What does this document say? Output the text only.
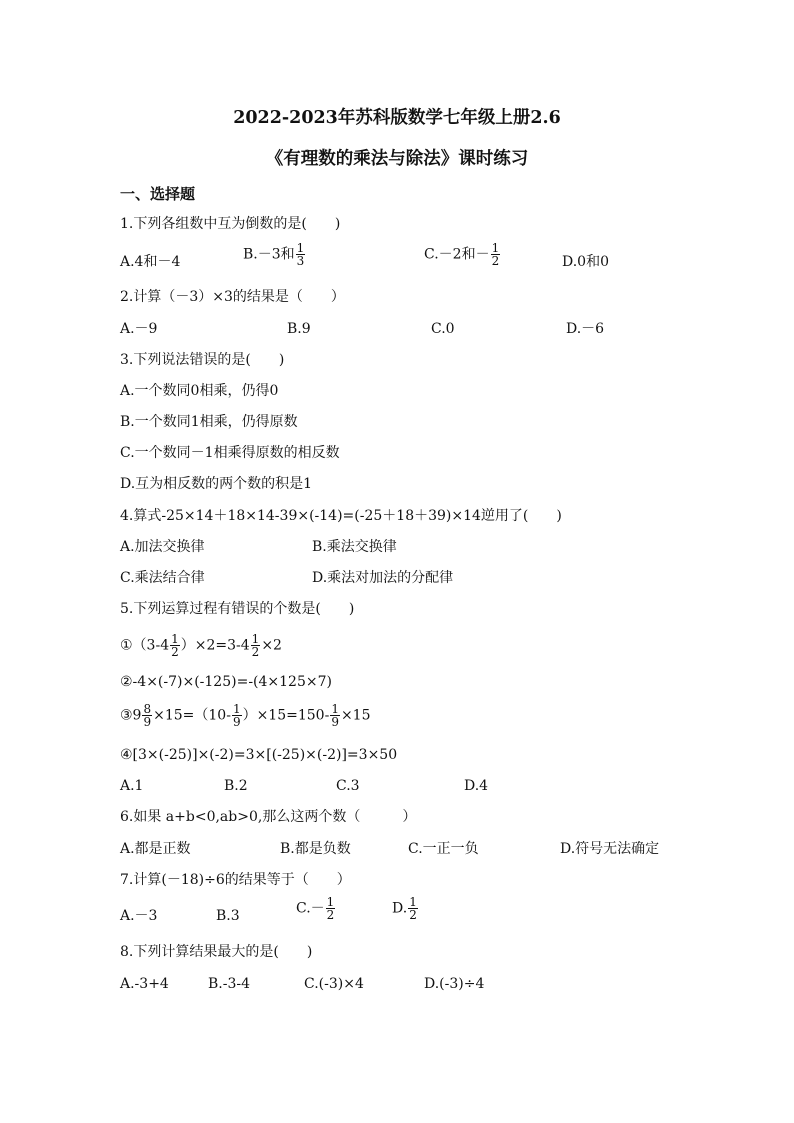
2022-2023年苏科版数学七年级上册2.6
《有理数的乘法与除法》课时练习
一、选择题
1.下列各组数中互为倒数的是(　　)
A.4和－4	B.－3和 $\frac{1}{3}$	C.－2和－ $\frac{1}{2}$	D.0和0
2.计算（－3）×3的结果是（　　）
A.－9	B.9	C.0	D.－6
3.下列说法错误的是(　　)
A.一个数同0相乘，仍得0
B.一个数同1相乘，仍得原数
C.一个数同－1相乘得原数的相反数
D.互为相反数的两个数的积是1
4.算式-25×14＋18×14-39×(-14)=(-25＋18＋39)×14逆用了(　　)
A.加法交换律	B.乘法交换律
C.乘法结合律	D.乘法对加法的分配律
5.下列运算过程有错误的个数是(　　)
①（3-4 $\frac{1}{2} )\times 2=3-4 \frac{1}{2} \times 2$
②-4×(-7)×(-125)=-(4×125×7)
③9 $\frac{8}{9} \times 15=(10- \frac{1}{9} )\times 15=150- \frac{1}{9} \times 15$
④[3×(-25)]×(-2)=3×[(-25)×(-2)]=3×50
A.1	B.2	C.3	D.4
6.如果 a+b<0,ab>0,那么这两个数（　　　）
A.都是正数	B.都是负数	C.一正一负	D.符号无法确定
7.计算(－18)÷6的结果等于（　　）
A.－3	B.3	$C.- \frac{1}{2}$	D. $\frac{1}{2}$
8.下列计算结果最大的是(　　)
A.-3+4	B.-3-4	C.(-3)×4	D.(-3)÷4
